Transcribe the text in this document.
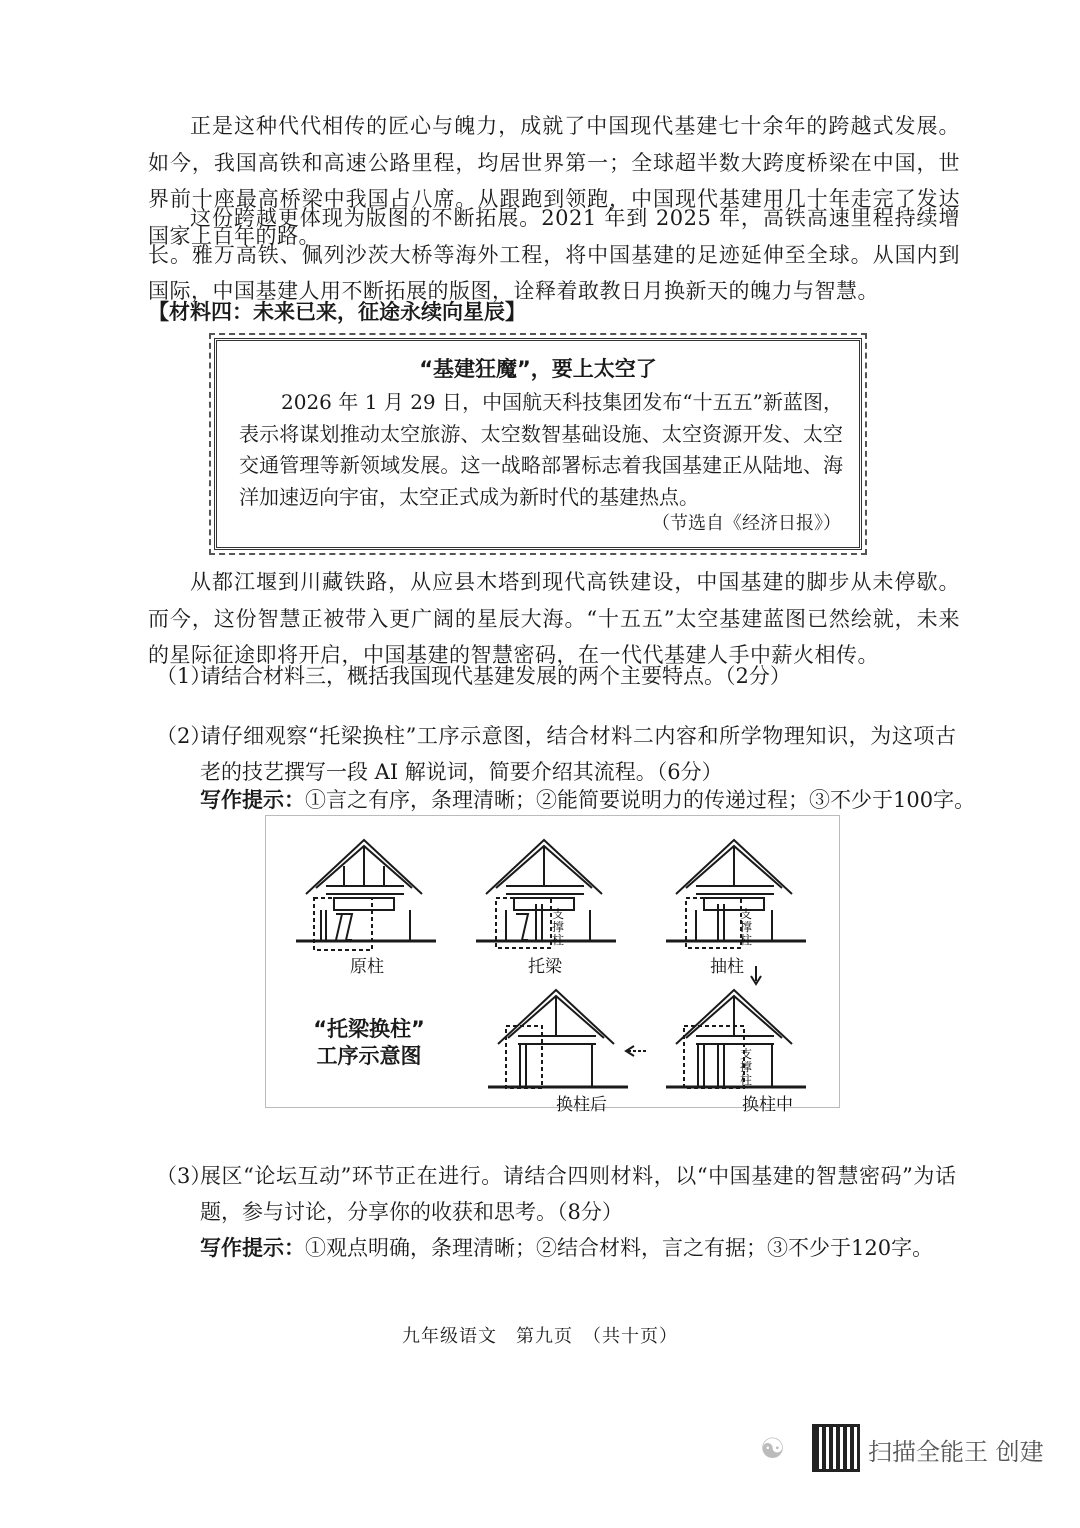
正是这种代代相传的匠心与魄力，成就了中国现代基建七十余年的跨越式发展。如今，我国高铁和高速公路里程，均居世界第一；全球超半数大跨度桥梁在中国，世界前十座最高桥梁中我国占八席。从跟跑到领跑，中国现代基建用几十年走完了发达国家上百年的路。
这份跨越更体现为版图的不断拓展。2021 年到 2025 年，高铁高速里程持续增长。雅万高铁、佩列沙茨大桥等海外工程，将中国基建的足迹延伸至全球。从国内到国际，中国基建人用不断拓展的版图，诠释着敢教日月换新天的魄力与智慧。
【材料四：未来已来，征途永续向星辰】
“基建狂魔”，要上太空了
2026 年 1 月 29 日，中国航天科技集团发布“十五五”新蓝图，表示将谋划推动太空旅游、太空数智基础设施、太空资源开发、太空交通管理等新领域发展。这一战略部署标志着我国基建正从陆地、海洋加速迈向宇宙，太空正式成为新时代的基建热点。
（节选自《经济日报》）
从都江堰到川藏铁路，从应县木塔到现代高铁建设，中国基建的脚步从未停歇。而今，这份智慧正被带入更广阔的星辰大海。“十五五”太空基建蓝图已然绘就，未来的星际征途即将开启，中国基建的智慧密码，在一代代基建人手中薪火相传。
（1）
请结合材料三，概括我国现代基建发展的两个主要特点。（2分）
（2）
请仔细观察“托梁换柱”工序示意图，结合材料二内容和所学物理知识，为这项古老的技艺撰写一段 AI 解说词，简要介绍其流程。（6分）
写作提示：①言之有序，条理清晰；②能简要说明力的传递过程；③不少于100字。
原柱	托梁	抽柱
换柱后	换柱中
支撑柱
支撑柱
支撑柱
“托梁换柱”
工序示意图
（3）
展区“论坛互动”环节正在进行。请结合四则材料，以“中国基建的智慧密码”为话题，参与讨论，分享你的收获和思考。（8分）
写作提示：①观点明确，条理清晰；②结合材料，言之有据；③不少于120字。
九年级语文　第九页　（共十页）
☯	扫描全能王 创建
